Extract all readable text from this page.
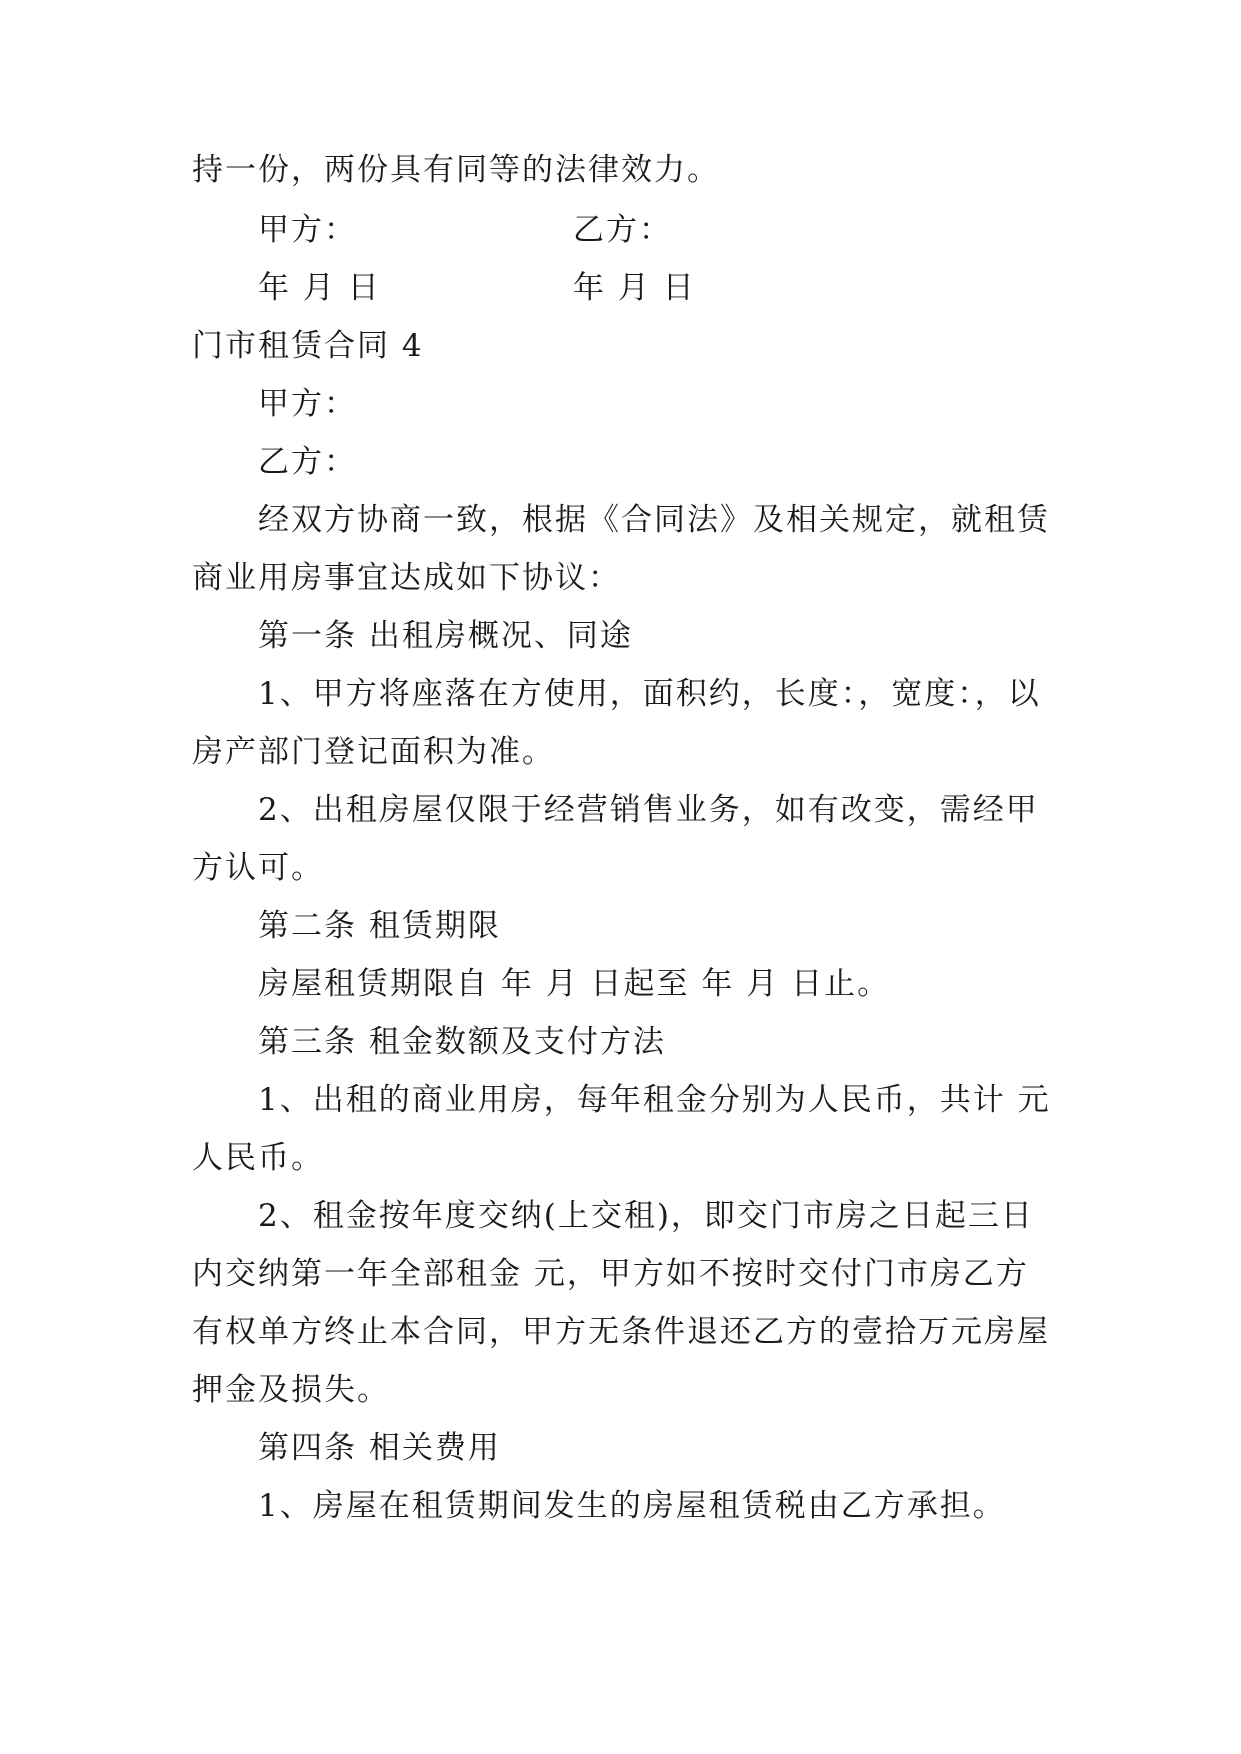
持一份，两份具有同等的法律效力。
甲方：	乙方：
年 月 日	年 月 日
门市租赁合同 4
甲方：
乙方：
经双方协商一致，根据《合同法》及相关规定，就租赁
商业用房事宜达成如下协议：
第一条 出租房概况、同途
1、甲方将座落在方使用，面积约，长度：，宽度：，以
房产部门登记面积为准。
2、出租房屋仅限于经营销售业务，如有改变，需经甲
方认可。
第二条 租赁期限
房屋租赁期限自 年 月 日起至 年 月 日止。
第三条 租金数额及支付方法
1、出租的商业用房，每年租金分别为人民币，共计 元
人民币。
2、租金按年度交纳(上交租)，即交门市房之日起三日
内交纳第一年全部租金 元，甲方如不按时交付门市房乙方
有权单方终止本合同，甲方无条件退还乙方的壹拾万元房屋
押金及损失。
第四条 相关费用
1、房屋在租赁期间发生的房屋租赁税由乙方承担。
